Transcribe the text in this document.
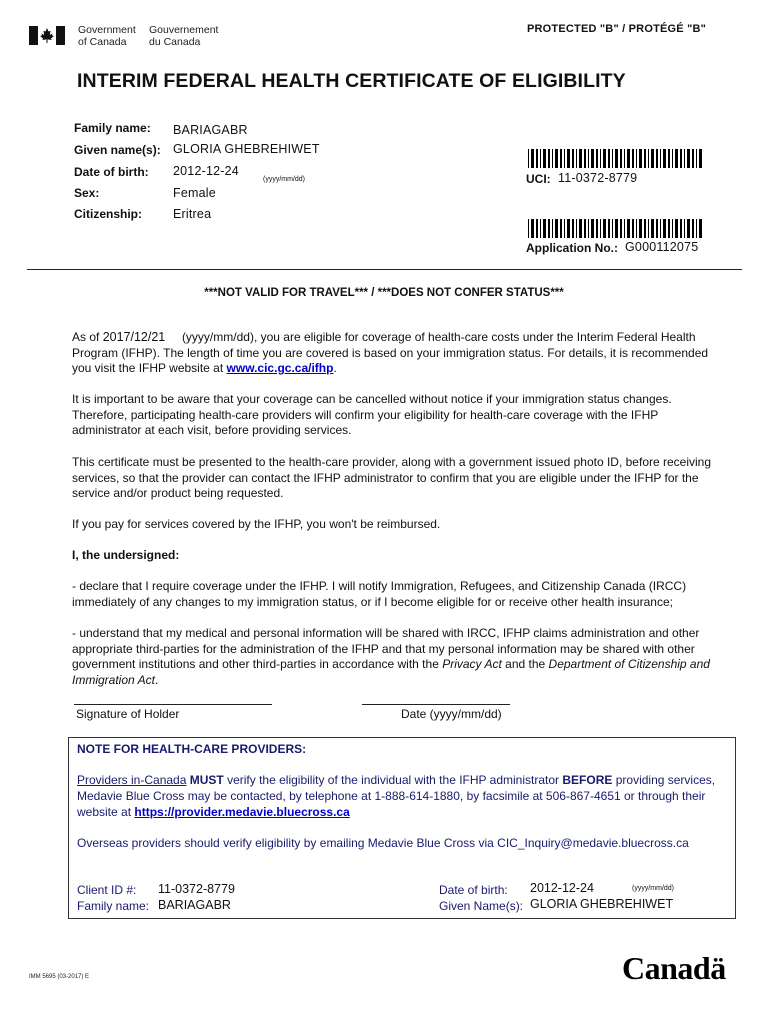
Government
of Canada
Gouvernement
du Canada
PROTECTED "B" / PROTÉGÉ "B"
INTERIM FEDERAL HEALTH CERTIFICATE OF ELIGIBILITY
Family name: BARIAGABR
Given name(s): GLORIA GHEBREHIWET
Date of birth: 2012-12-24
(yyyy/mm/dd)
Sex:	Female
Citizenship: Eritrea
UCI: 11-0372-8779
Application No.: G000112075
***NOT VALID FOR TRAVEL*** / ***DOES NOT CONFER STATUS***

As of 2017/12/21 (yyyy/mm/dd), you are eligible for coverage of health-care costs under the Interim Federal Health Program (IFHP). The length of time you are covered is based on your immigration status. For details, it is recommended you visit the IFHP website at www.cic.gc.ca/ifhp.

It is important to be aware that your coverage can be cancelled without notice if your immigration status changes. Therefore, participating health-care providers will confirm your eligibility for health-care coverage with the IFHP administrator at each visit, before providing services.

This certificate must be presented to the health-care provider, along with a government issued photo ID, before receiving services, so that the provider can contact the IFHP administrator to confirm that you are eligible under the IFHP for the service and/or product being requested.

If you pay for services covered by the IFHP, you won't be reimbursed.

I, the undersigned:

- declare that I require coverage under the IFHP. I will notify Immigration, Refugees, and Citizenship Canada (IRCC) immediately of any changes to my immigration status, or if I become eligible for or receive other health insurance;

- understand that my medical and personal information will be shared with IRCC, IFHP claims administration and other appropriate third-parties for the administration of the IFHP and that my personal information may be shared with other government institutions and other third-parties in accordance with the Privacy Act and the Department of Citizenship and Immigration Act.

Signature of Holder	Date (yyyy/mm/dd)
NOTE FOR HEALTH-CARE PROVIDERS:
Providers in-Canada MUST verify the eligibility of the individual with the IFHP administrator BEFORE providing services, Medavie Blue Cross may be contacted, by telephone at 1-888-614-1880, by facsimile at 506-867-4651 or through their website at https://provider.medavie.bluecross.ca
Overseas providers should verify eligibility by emailing Medavie Blue Cross via CIC_Inquiry@medavie.bluecross.ca
Client ID #: 11-0372-8779
Family name: BARIAGABR
Date of birth: 2012-12-24	(yyyy/mm/dd)
Given Name(s): GLORIA GHEBREHIWET
IMM 5695 (03-2017) E	Canadä
